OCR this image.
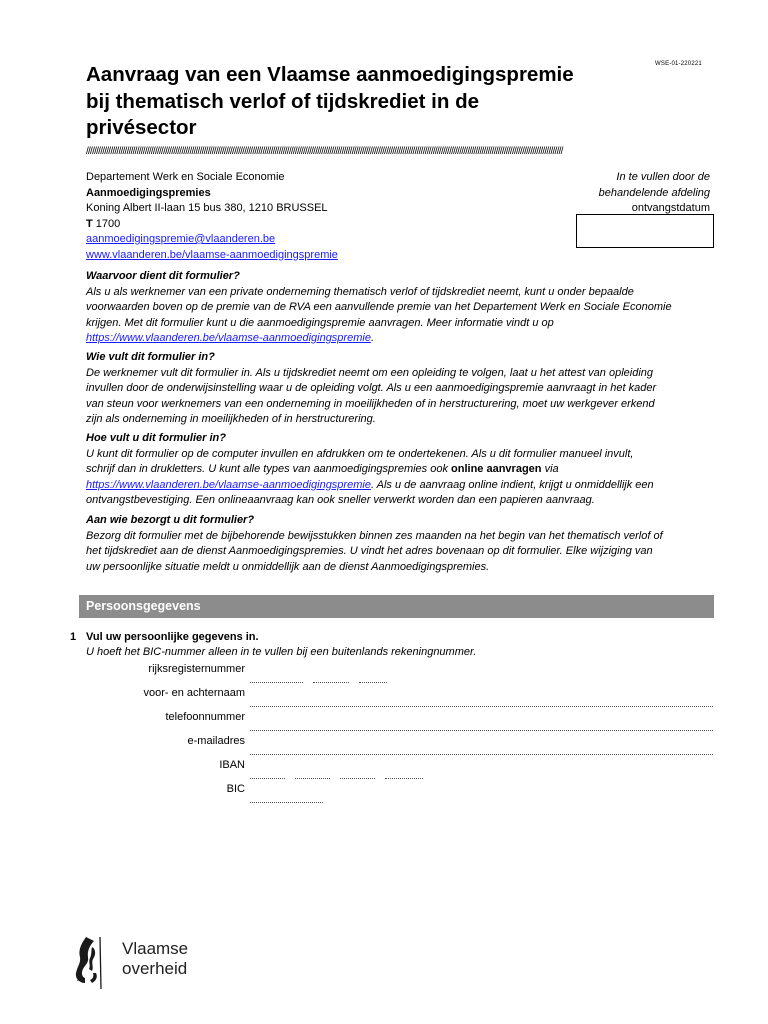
WSE-01-220221
Aanvraag van een Vlaamse aanmoedigingspremie
bij thematisch verlof of tijdskrediet in de
privésector
///////////////////////////////////////////////////////////////////////////////////////////////////////////////////////////////////////////////////////////////////////////////////////////////////////////////////////////////////////////
Departement Werk en Sociale Economie
Aanmoedigingspremies
Koning Albert II-laan 15 bus 380, 1210 BRUSSEL
T 1700
aanmoedigingspremie@vlaanderen.be
www.vlaanderen.be/vlaamse-aanmoedigingspremie
In te vullen door de
behandelende afdeling
ontvangstdatum
Waarvoor dient dit formulier?
Als u als werknemer van een private onderneming thematisch verlof of tijdskrediet neemt, kunt u onder bepaalde
voorwaarden boven op de premie van de RVA een aanvullende premie van het Departement Werk en Sociale Economie
krijgen. Met dit formulier kunt u die aanmoedigingspremie aanvragen. Meer informatie vindt u op
https://www.vlaanderen.be/vlaamse-aanmoedigingspremie.
Wie vult dit formulier in?
De werknemer vult dit formulier in. Als u tijdskrediet neemt om een opleiding te volgen, laat u het attest van opleiding
invullen door de onderwijsinstelling waar u de opleiding volgt. Als u een aanmoedigingspremie aanvraagt in het kader
van steun voor werknemers van een onderneming in moeilijkheden of in herstructurering, moet uw werkgever erkend
zijn als onderneming in moeilijkheden of in herstructurering.
Hoe vult u dit formulier in?
U kunt dit formulier op de computer invullen en afdrukken om te ondertekenen. Als u dit formulier manueel invult,
schrijf dan in drukletters. U kunt alle types van aanmoedigingspremies ook online aanvragen via
https://www.vlaanderen.be/vlaamse-aanmoedigingspremie. Als u de aanvraag online indient, krijgt u onmiddellijk een
ontvangstbevestiging. Een onlineaanvraag kan ook sneller verwerkt worden dan een papieren aanvraag.
Aan wie bezorgt u dit formulier?
Bezorg dit formulier met de bijbehorende bewijsstukken binnen zes maanden na het begin van het thematisch verlof of
het tijdskrediet aan de dienst Aanmoedigingspremies. U vindt het adres bovenaan op dit formulier. Elke wijziging van
uw persoonlijke situatie meldt u onmiddellijk aan de dienst Aanmoedigingspremies.
Persoonsgegevens
1 Vul uw persoonlijke gegevens in.
U hoeft het BIC-nummer alleen in te vullen bij een buitenlands rekeningnummer.
rijksregisternummer
voor- en achternaam
telefoonnummer
e-mailadres
IBAN
BIC
Vlaamse
overheid
